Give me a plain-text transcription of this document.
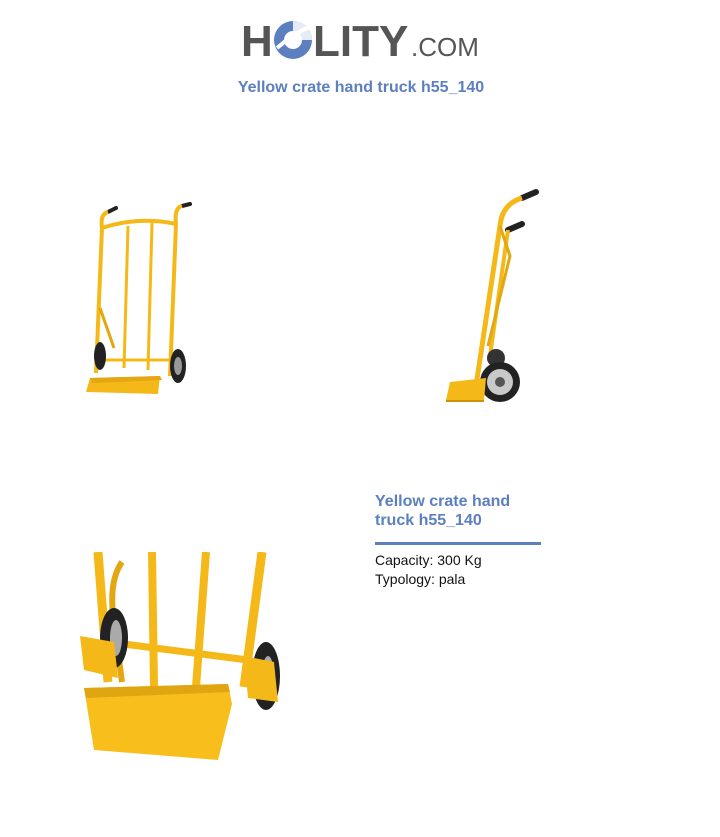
H LITY .COM
Yellow crate hand truck h55_140
Yellow crate hand truck h55_140

Capacity: 300 Kg

Typology: pala
